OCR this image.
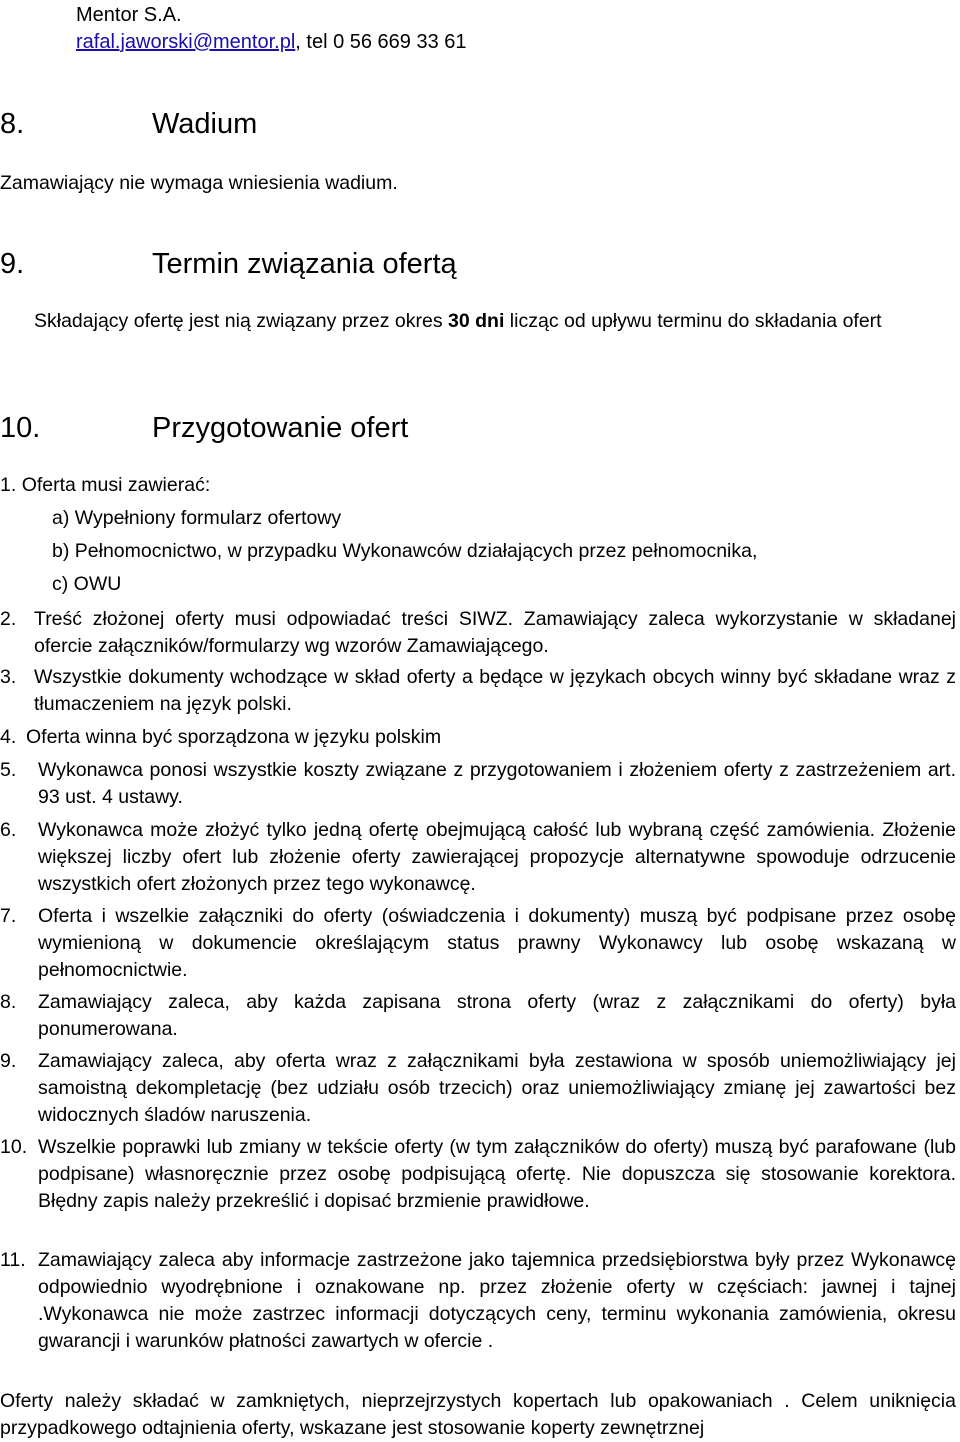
Mentor S.A.
rafal.jaworski@mentor.pl, tel 0 56 669 33 61
8.	Wadium
Zamawiający nie wymaga wniesienia wadium.
9.	Termin związania ofertą
Składający ofertę jest nią związany przez okres 30 dni licząc od upływu terminu do składania ofert
10.	Przygotowanie ofert
1. Oferta musi zawierać:
a) Wypełniony formularz ofertowy
b) Pełnomocnictwo, w przypadku Wykonawców działających przez pełnomocnika,
c) OWU
2. Treść złożonej oferty musi odpowiadać treści SIWZ. Zamawiający zaleca wykorzystanie w składanej ofercie załączników/formularzy wg wzorów Zamawiającego.
3. Wszystkie dokumenty wchodzące w skład oferty a będące w językach obcych winny być składane wraz z tłumaczeniem na język polski.
4. Oferta winna być sporządzona w języku polskim
5. Wykonawca ponosi wszystkie koszty związane z przygotowaniem i złożeniem oferty z zastrzeżeniem art. 93 ust. 4 ustawy.
6. Wykonawca może złożyć tylko jedną ofertę obejmującą całość lub wybraną część zamówienia. Złożenie większej liczby ofert lub złożenie oferty zawierającej propozycje alternatywne spowoduje odrzucenie wszystkich ofert złożonych przez tego wykonawcę.
7. Oferta i wszelkie załączniki do oferty (oświadczenia i dokumenty) muszą być podpisane przez osobę wymienioną w dokumencie określającym status prawny Wykonawcy lub osobę wskazaną w pełnomocnictwie.
8. Zamawiający zaleca, aby każda zapisana strona oferty (wraz z załącznikami do oferty) była ponumerowana.
9. Zamawiający zaleca, aby oferta wraz z załącznikami była zestawiona w sposób uniemożliwiający jej samoistną dekompletację (bez udziału osób trzecich) oraz uniemożliwiający zmianę jej zawartości bez widocznych śladów naruszenia.
10. Wszelkie poprawki lub zmiany w tekście oferty (w tym załączników do oferty) muszą być parafowane (lub podpisane) własnoręcznie przez osobę podpisującą ofertę. Nie dopuszcza się stosowanie korektora. Błędny zapis należy przekreślić i dopisać brzmienie prawidłowe.
11. Zamawiający zaleca aby informacje zastrzeżone jako tajemnica przedsiębiorstwa były przez Wykonawcę odpowiednio wyodrębnione i oznakowane np. przez złożenie oferty w częściach: jawnej i tajnej .Wykonawca nie może zastrzec informacji dotyczących ceny, terminu wykonania zamówienia, okresu gwarancji i warunków płatności zawartych w ofercie .
Oferty należy składać w zamkniętych, nieprzejrzystych kopertach lub opakowaniach . Celem uniknięcia przypadkowego odtajnienia oferty, wskazane jest stosowanie koperty zewnętrznej
